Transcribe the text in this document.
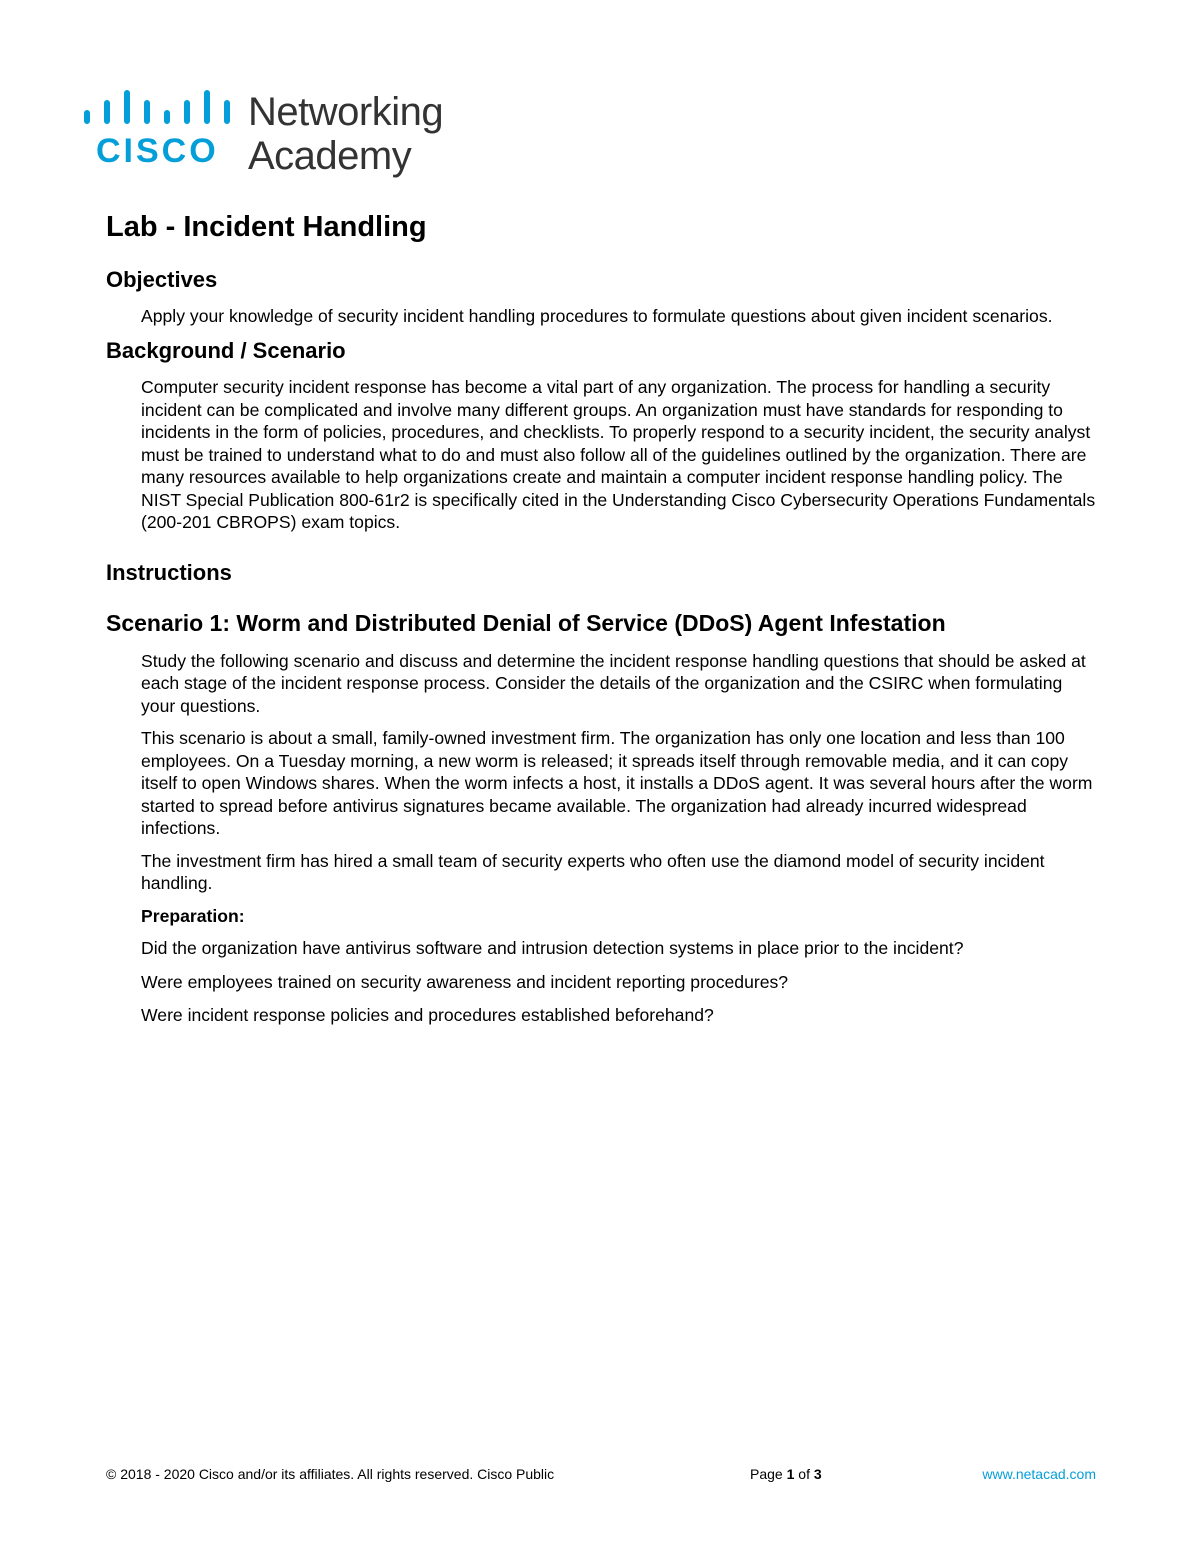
CISCO
Networking
Academy
Lab - Incident Handling
Objectives

Apply your knowledge of security incident handling procedures to formulate questions about given incident scenarios.

Background / Scenario

Computer security incident response has become a vital part of any organization. The process for handling a security incident can be complicated and involve many different groups. An organization must have standards for responding to incidents in the form of policies, procedures, and checklists. To properly respond to a security incident, the security analyst must be trained to understand what to do and must also follow all of the guidelines outlined by the organization. There are many resources available to help organizations create and maintain a computer incident response handling policy. The NIST Special Publication 800-61r2 is specifically cited in the Understanding Cisco Cybersecurity Operations Fundamentals (200-201 CBROPS) exam topics.

Instructions
Scenario 1: Worm and Distributed Denial of Service (DDoS) Agent Infestation

Study the following scenario and discuss and determine the incident response handling questions that should be asked at each stage of the incident response process. Consider the details of the organization and the CSIRC when formulating your questions.

This scenario is about a small, family-owned investment firm. The organization has only one location and less than 100 employees. On a Tuesday morning, a new worm is released; it spreads itself through removable media, and it can copy itself to open Windows shares. When the worm infects a host, it installs a DDoS agent. It was several hours after the worm started to spread before antivirus signatures became available. The organization had already incurred widespread infections.

The investment firm has hired a small team of security experts who often use the diamond model of security incident handling.

Preparation:

Did the organization have antivirus software and intrusion detection systems in place prior to the incident?

Were employees trained on security awareness and incident reporting procedures?

Were incident response policies and procedures established beforehand?

© 2018 - 2020 Cisco and/or its affiliates. All rights reserved. Cisco Public	Page 1 of 3	www.netacad.com
